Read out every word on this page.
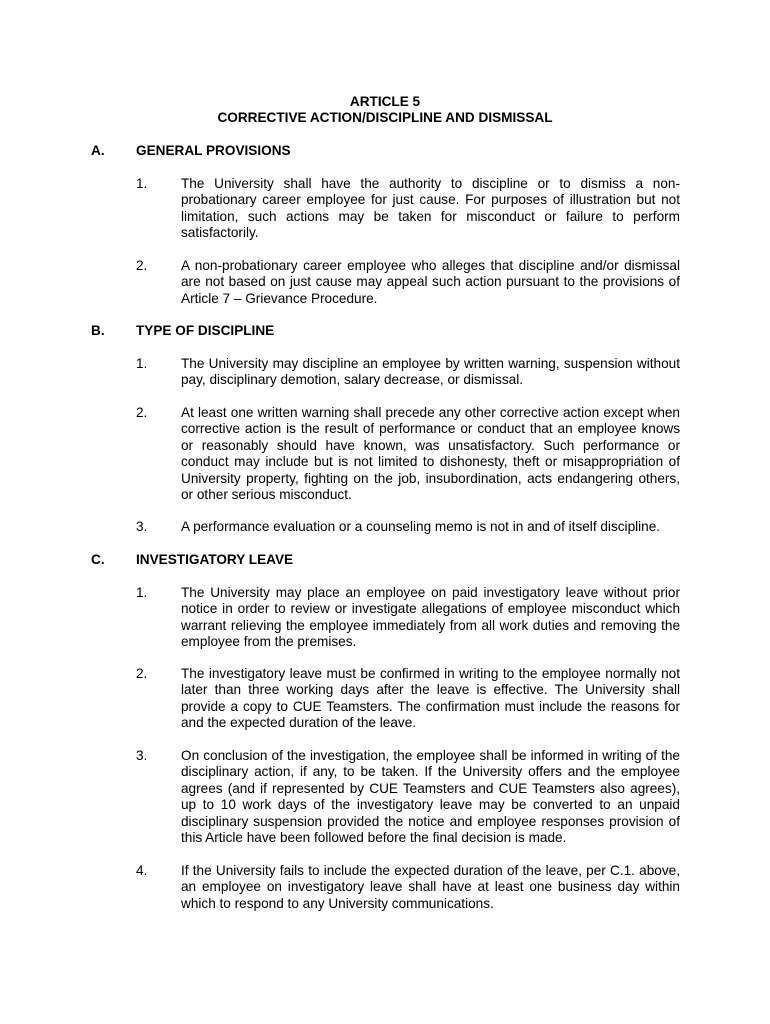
ARTICLE 5
CORRECTIVE ACTION/DISCIPLINE AND DISMISSAL
A. GENERAL PROVISIONS
1. The University shall have the authority to discipline or to dismiss a non-probationary career employee for just cause. For purposes of illustration but not limitation, such actions may be taken for misconduct or failure to perform satisfactorily.
2. A non-probationary career employee who alleges that discipline and/or dismissal are not based on just cause may appeal such action pursuant to the provisions of Article 7 – Grievance Procedure.
B. TYPE OF DISCIPLINE
1. The University may discipline an employee by written warning, suspension without pay, disciplinary demotion, salary decrease, or dismissal.
2. At least one written warning shall precede any other corrective action except when corrective action is the result of performance or conduct that an employee knows or reasonably should have known, was unsatisfactory. Such performance or conduct may include but is not limited to dishonesty, theft or misappropriation of University property, fighting on the job, insubordination, acts endangering others, or other serious misconduct.
3. A performance evaluation or a counseling memo is not in and of itself discipline.
C. INVESTIGATORY LEAVE
1. The University may place an employee on paid investigatory leave without prior notice in order to review or investigate allegations of employee misconduct which warrant relieving the employee immediately from all work duties and removing the employee from the premises.
2. The investigatory leave must be confirmed in writing to the employee normally not later than three working days after the leave is effective. The University shall provide a copy to CUE Teamsters. The confirmation must include the reasons for and the expected duration of the leave.
3. On conclusion of the investigation, the employee shall be informed in writing of the disciplinary action, if any, to be taken. If the University offers and the employee agrees (and if represented by CUE Teamsters and CUE Teamsters also agrees), up to 10 work days of the investigatory leave may be converted to an unpaid disciplinary suspension provided the notice and employee responses provision of this Article have been followed before the final decision is made.
4. If the University fails to include the expected duration of the leave, per C.1. above, an employee on investigatory leave shall have at least one business day within which to respond to any University communications.
